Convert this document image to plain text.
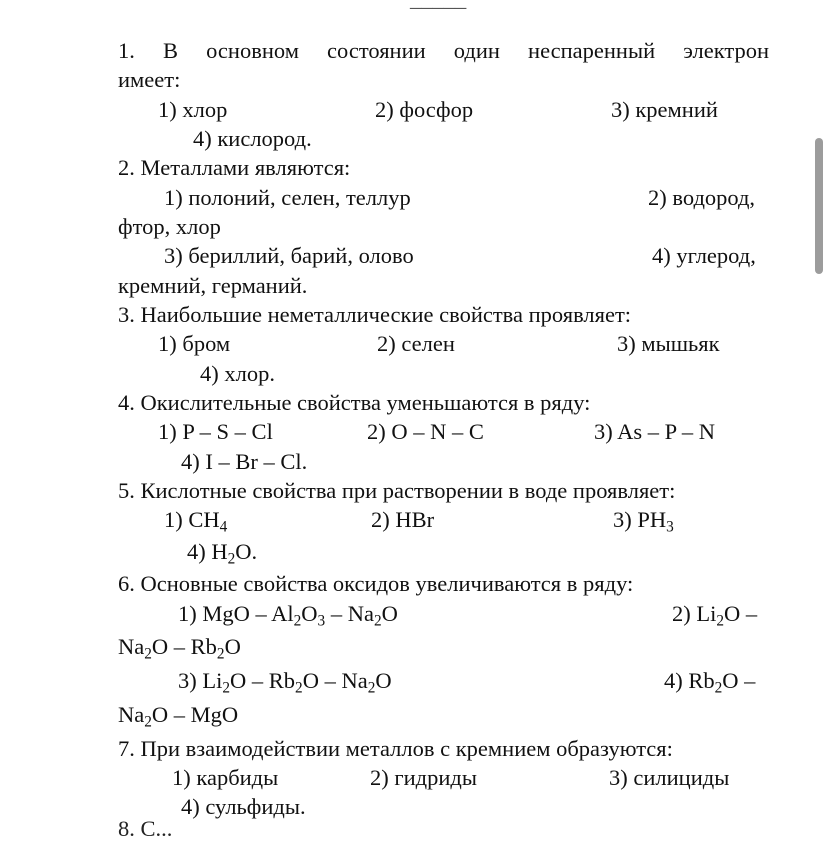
1. В основном состоянии один неспаренный электрон
имеет:
1) хлор	2) фосфор	3) кремний
4) кислород.
2. Металлами являются:
1) полоний, селен, теллур	2) водород,
фтор, хлор
3) бериллий, барий, олово	4) углерод,
кремний, германий.
3. Наибольшие неметаллические свойства проявляет:
1) бром	2) селен	3) мышьяк
4) хлор.
4. Окислительные свойства уменьшаются в ряду:
1) P – S – Cl	2) O – N – C	3) As – P – N
4) I – Br – Cl.
5. Кислотные свойства при растворении в воде проявляет:
1) $CH_4$	2) HBr	3) $PH_3$
4) $H_2O$.
6. Основные свойства оксидов увеличиваются в ряду:
1) MgO – $Al_2O_3 - Na_2O$	2) $Li_2O$ –
$Na_2O - Rb_2O$
3) $Li_2O - Rb_2O - Na_2O$	4) $Rb_2O$ –
$Na_2O$ – MgO
7. При взаимодействии металлов с кремнием образуются:
1) карбиды	2) гидриды	3) силициды
4) сульфиды.
8. С...
